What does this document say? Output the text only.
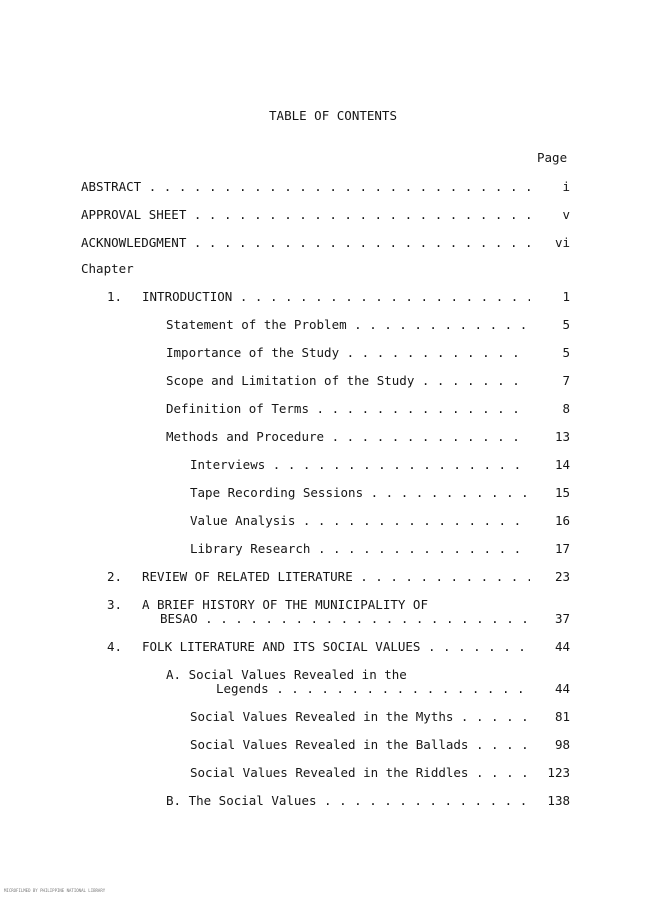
TABLE OF CONTENTS
Page
ABSTRACT . . .	i
APPROVAL SHEET . . .	v
ACKNOWLEDGMENT . . .	vi
Chapter
1. INTRODUCTION . . .	1
Statement of the Problem . . .	5
Importance of the Study . . .	5
Scope and Limitation of the Study . . .	7
Definition of Terms . . .	8
Methods and Procedure . . .	13
Interviews . . .	14
Tape Recording Sessions . . .	15
Value Analysis . . .	16
Library Research . . .	17
2. REVIEW OF RELATED LITERATURE . . .	23
3. A BRIEF HISTORY OF THE MUNICIPALITY OF
BESAO . . .	37
4. FOLK LITERATURE AND ITS SOCIAL VALUES . . .	44
A. Social Values Revealed in the
Legends . . .	44
Social Values Revealed in the Myths . . .	81
Social Values Revealed in the Ballads . . .	98
Social Values Revealed in the Riddles . . .	123
B. The Social Values . . .	138
MICROFILMED BY PHILIPPINE NATIONAL LIBRARY
